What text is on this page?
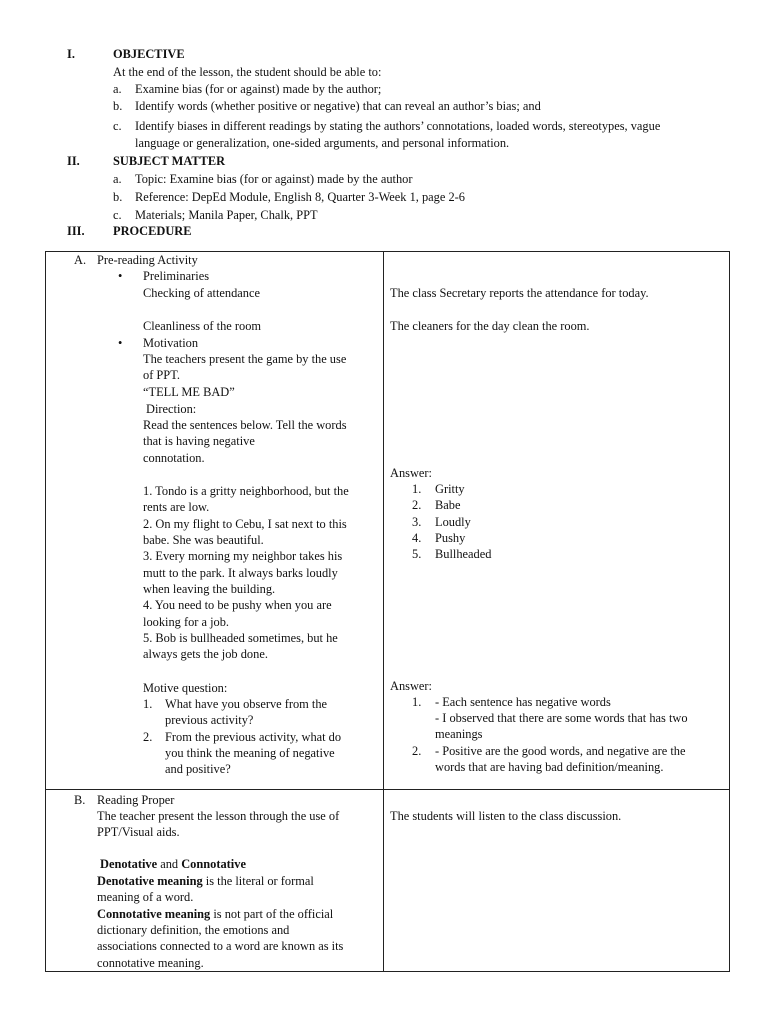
I.	OBJECTIVE
At the end of the lesson, the student should be able to:
a. Examine bias (for or against) made by the author;
b. Identify words (whether positive or negative) that can reveal an author’s bias; and
c. Identify biases in different readings by stating the authors’ connotations, loaded words, stereotypes, vague
language or generalization, one-sided arguments, and personal information.
II.	SUBJECT MATTER
a. Topic: Examine bias (for or against) made by the author
b. Reference: DepEd Module, English 8, Quarter 3-Week 1, page 2-6
c. Materials; Manila Paper, Chalk, PPT
III. PROCEDURE
A. Pre-reading Activity
• Preliminaries
Checking of attendance
Cleanliness of the room
• Motivation
The teachers present the game by the use
of PPT.
“TELL ME BAD”
Direction:
Read the sentences below. Tell the words
that is having negative
connotation.
1. Tondo is a gritty neighborhood, but the
rents are low.
2. On my flight to Cebu, I sat next to this
babe. She was beautiful.
3. Every morning my neighbor takes his
mutt to the park. It always barks loudly
when leaving the building.
4. You need to be pushy when you are
looking for a job.
5. Bob is bullheaded sometimes, but he
always gets the job done.
Motive question:
1. What have you observe from the
previous activity?
2. From the previous activity, what do
you think the meaning of negative
and positive?
The class Secretary reports the attendance for today.
The cleaners for the day clean the room.
Answer:
1. Gritty
2. Babe
3. Loudly
4. Pushy
5. Bullheaded
Answer:
1. - Each sentence has negative words
- I observed that there are some words that has two
meanings
2. - Positive are the good words, and negative are the
words that are having bad definition/meaning.
B. Reading Proper
The teacher present the lesson through the use of
PPT/Visual aids.
Denotative and Connotative
Denotative meaning is the literal or formal
meaning of a word.
Connotative meaning is not part of the official
dictionary definition, the emotions and
associations connected to a word are known as its
connotative meaning.
The students will listen to the class discussion.
